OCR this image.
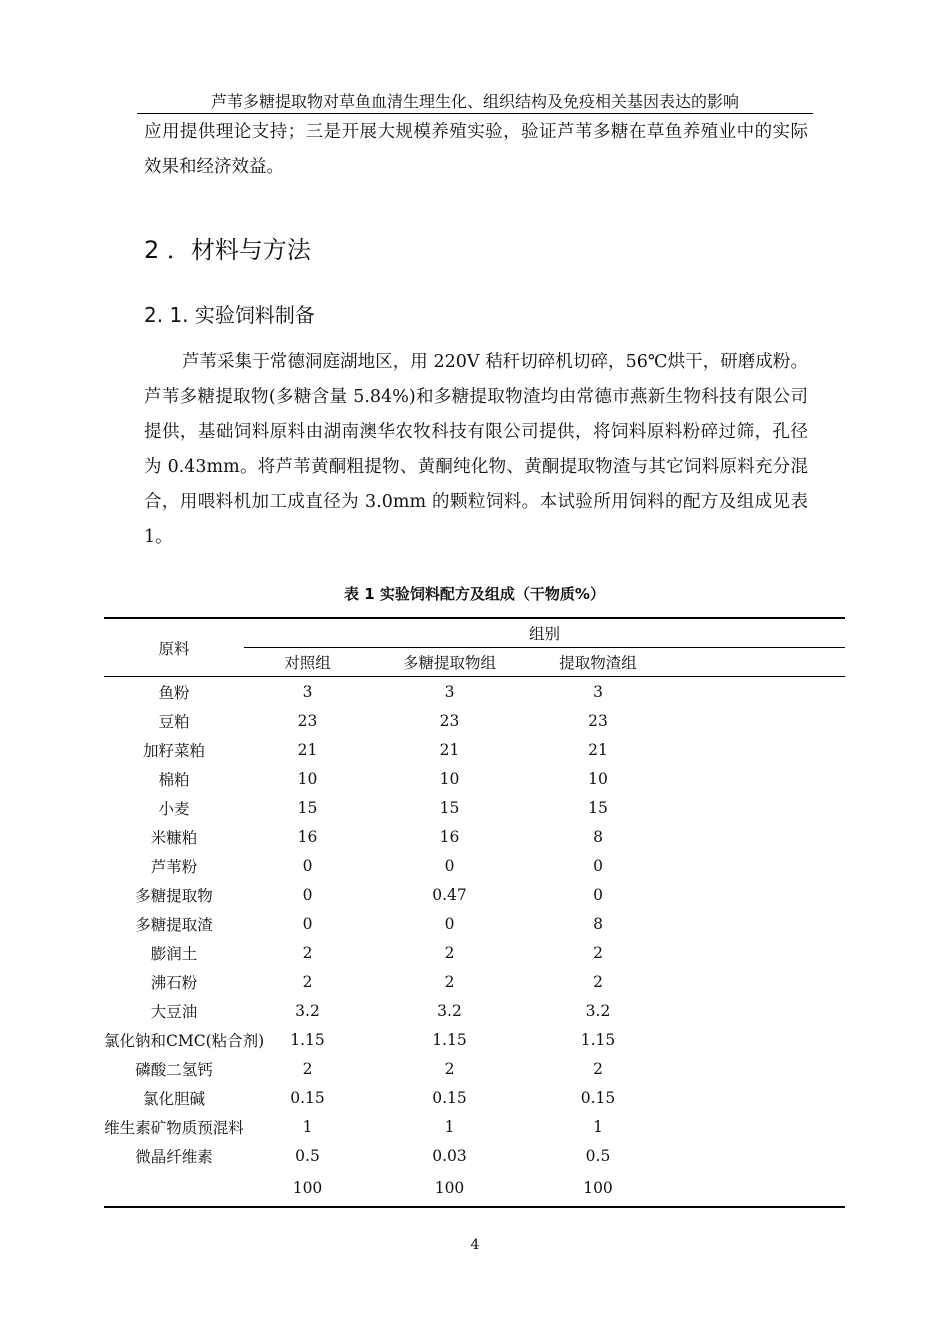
芦苇多糖提取物对草鱼血清生理生化、组织结构及免疫相关基因表达的影响

应用提供理论支持；三是开展大规模养殖实验，验证芦苇多糖在草鱼养殖业中的实际效果和经济效益。

2 ．材料与方法
2. 1. 实验饲料制备

芦苇采集于常德洞庭湖地区，用 220V 秸秆切碎机切碎，56℃烘干，研磨成粉。 芦苇多糖提取物(多糖含量 5.84%)和多糖提取物渣均由常德市燕新生物科技有限公司提供，基础饲料原料由湖南澳华农牧科技有限公司提供，将饲料原料粉碎过筛，孔径为 0.43mm。将芦苇黄酮粗提物、黄酮纯化物、黄酮提取物渣与其它饲料原料充分混合，用喂料机加工成直径为 3.0mm 的颗粒饲料。本试验所用饲料的配方及组成见表 1。

表 1 实验饲料配方及组成（干物质%）
原料	组别			
	对照组	多糖提取物组	提取物渣组	
鱼粉	3	3	3	
豆粕	23	23	23	
加籽菜粕	21	21	21	
棉粕	10	10	10	
小麦	15	15	15	
米糠粕	16	16	8	
芦苇粉	0	0	0	
多糖提取物	0	0.47	0	
多糖提取渣	0	0	8	
膨润土	2	2	2	
沸石粉	2	2	2	
大豆油	3.2	3.2	3.2	
氯化钠和CMC(粘合剂)	1.15	1.15	1.15	
磷酸二氢钙	2	2	2	
氯化胆碱	0.15	0.15	0.15	
维生素矿物质预混料	1	1	1	
微晶纤维素	0.5	0.03	0.5	
	100	100	100	
4
